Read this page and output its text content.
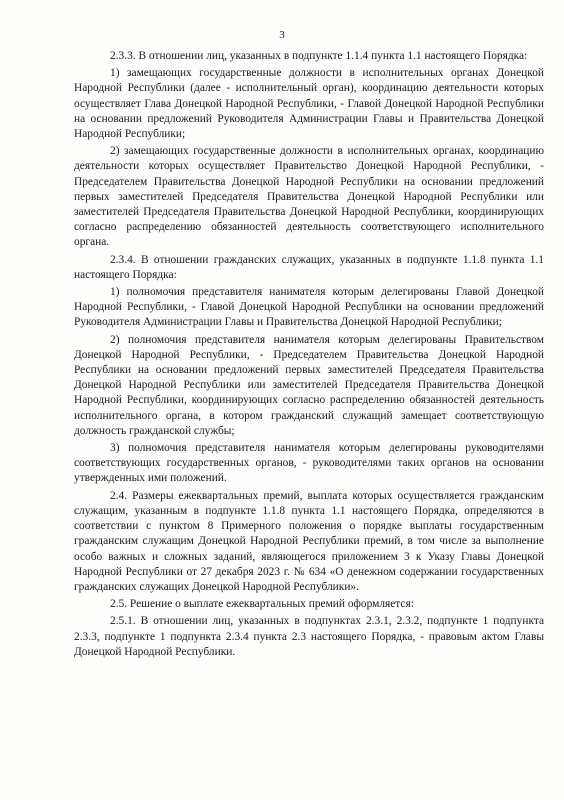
3

2.3.3. В отношении лиц, указанных в подпункте 1.1.4 пункта 1.1 настоящего Порядка:

1) замещающих государственные должности в исполнительных органах Донецкой Народной Республики (далее - исполнительный орган), координацию деятельности которых осуществляет Глава Донецкой Народной Республики, - Главой Донецкой Народной Республики на основании предложений Руководителя Администрации Главы и Правительства Донецкой Народной Республики;

2) замещающих государственные должности в исполнительных органах, координацию деятельности которых осуществляет Правительство Донецкой Народной Республики, - Председателем Правительства Донецкой Народной Республики на основании предложений первых заместителей Председателя Правительства Донецкой Народной Республики или заместителей Председателя Правительства Донецкой Народной Республики, координирующих согласно распределению обязанностей деятельность соответствующего исполнительного органа.

2.3.4. В отношении гражданских служащих, указанных в подпункте 1.1.8 пункта 1.1 настоящего Порядка:

1) полномочия представителя нанимателя которым делегированы Главой Донецкой Народной Республики, - Главой Донецкой Народной Республики на основании предложений Руководителя Администрации Главы и Правительства Донецкой Народной Республики;

2) полномочия представителя нанимателя которым делегированы Правительством Донецкой Народной Республики, - Председателем Правительства Донецкой Народной Республики на основании предложений первых заместителей Председателя Правительства Донецкой Народной Республики или заместителей Председателя Правительства Донецкой Народной Республики, координирующих согласно распределению обязанностей деятельность исполнительного органа, в котором гражданский служащий замещает соответствующую должность гражданской службы;

3) полномочия представителя нанимателя которым делегированы руководителями соответствующих государственных органов, - руководителями таких органов на основании утвержденных ими положений.

2.4. Размеры ежеквартальных премий, выплата которых осуществляется гражданским служащим, указанным в подпункте 1.1.8 пункта 1.1 настоящего Порядка, определяются в соответствии с пунктом 8 Примерного положения о порядке выплаты государственным гражданским служащим Донецкой Народной Республики премий, в том числе за выполнение особо важных и сложных заданий, являющегося приложением 3 к Указу Главы Донецкой Народной Республики от 27 декабря 2023 г. № 634 «О денежном содержании государственных гражданских служащих Донецкой Народной Республики».

2.5. Решение о выплате ежеквартальных премий оформляется:

2.5.1. В отношении лиц, указанных в подпунктах 2.3.1, 2.3.2, подпункте 1 подпункта 2.3.3, подпункте 1 подпункта 2.3.4 пункта 2.3 настоящего Порядка, - правовым актом Главы Донецкой Народной Республики.
